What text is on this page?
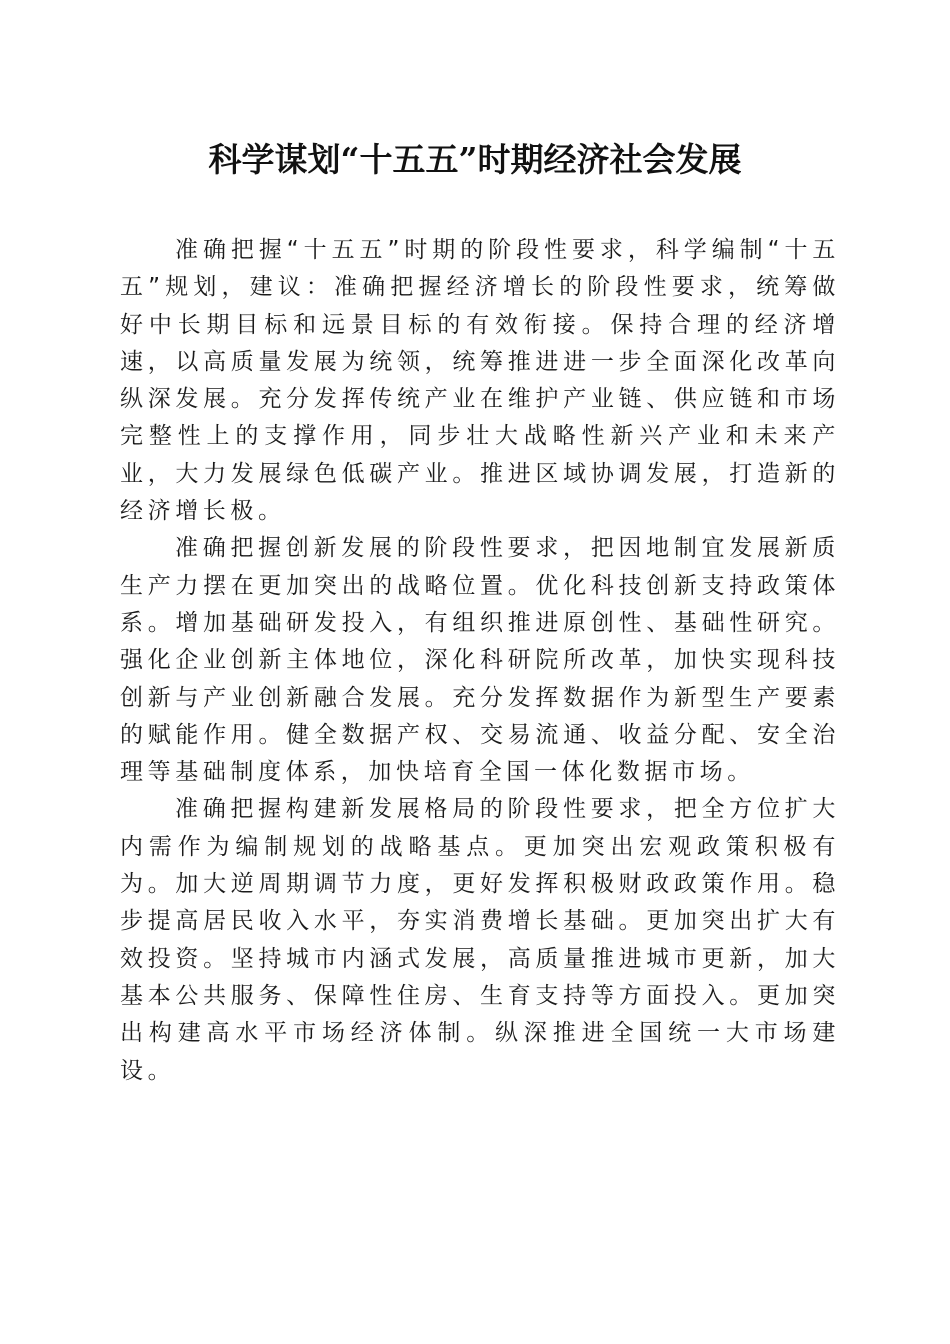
科学谋划“十五五”时期经济社会发展

准确把握“十五五”时期的阶段性要求，科学编制“十五五”规划，建议：准确把握经济增长的阶段性要求，统筹做好中长期目标和远景目标的有效衔接。保持合理的经济增速，以高质量发展为统领，统筹推进进一步全面深化改革向纵深发展。充分发挥传统产业在维护产业链、供应链和市场完整性上的支撑作用，同步壮大战略性新兴产业和未来产业，大力发展绿色低碳产业。推进区域协调发展，打造新的经济增长极。

准确把握创新发展的阶段性要求，把因地制宜发展新质生产力摆在更加突出的战略位置。优化科技创新支持政策体系。增加基础研发投入，有组织推进原创性、基础性研究。强化企业创新主体地位，深化科研院所改革，加快实现科技创新与产业创新融合发展。充分发挥数据作为新型生产要素的赋能作用。健全数据产权、交易流通、收益分配、安全治理等基础制度体系，加快培育全国一体化数据市场。

准确把握构建新发展格局的阶段性要求，把全方位扩大内需作为编制规划的战略基点。更加突出宏观政策积极有为。加大逆周期调节力度，更好发挥积极财政政策作用。稳步提高居民收入水平，夯实消费增长基础。更加突出扩大有效投资。坚持城市内涵式发展，高质量推进城市更新，加大基本公共服务、保障性住房、生育支持等方面投入。更加突出构建高水平市场经济体制。纵深推进全国统一大市场建设。
